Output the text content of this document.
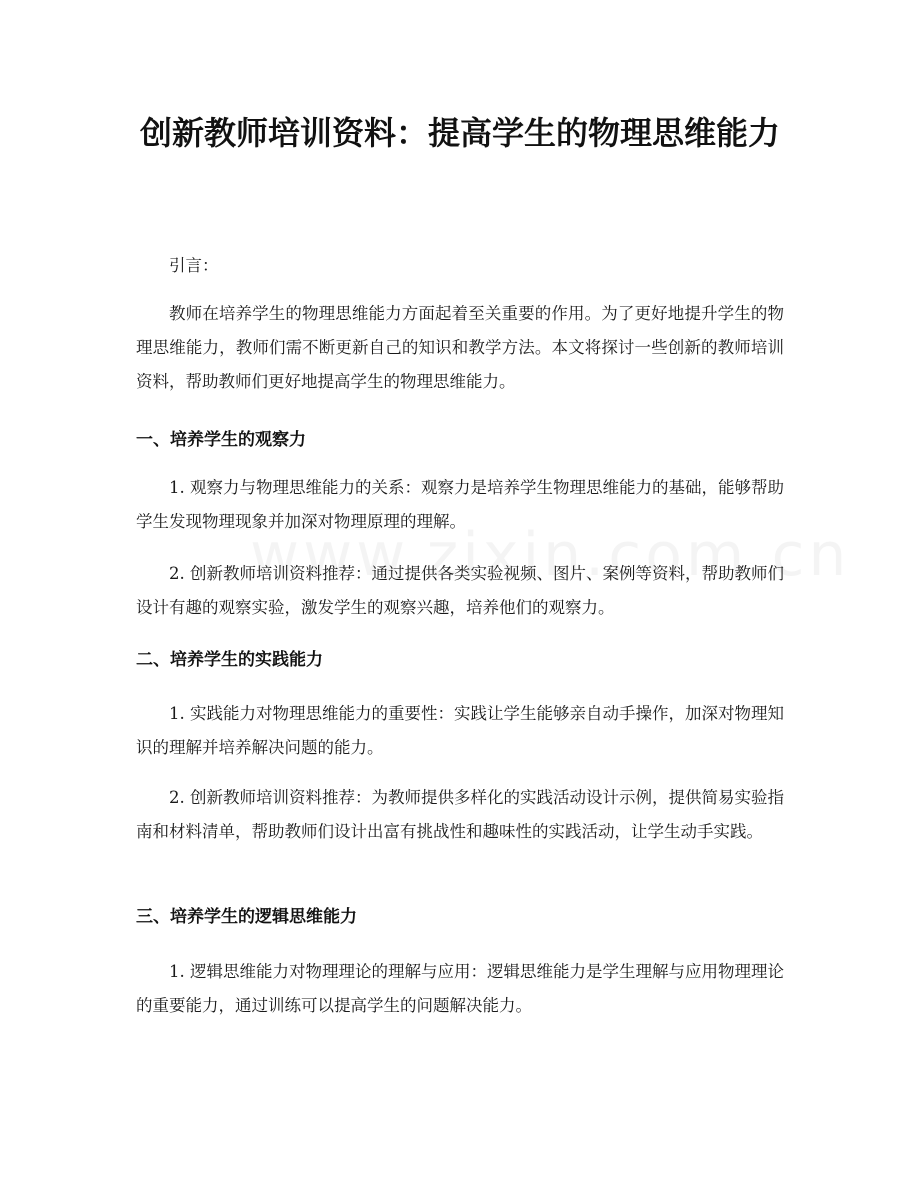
创新教师培训资料：提高学生的物理思维能力

引言：

教师在培养学生的物理思维能力方面起着至关重要的作用。为了更好地提升学生的物理思维能力，教师们需不断更新自己的知识和教学方法。本文将探讨一些创新的教师培训资料，帮助教师们更好地提高学生的物理思维能力。

一、培养学生的观察力

1. 观察力与物理思维能力的关系：观察力是培养学生物理思维能力的基础，能够帮助学生发现物理现象并加深对物理原理的理解。

2. 创新教师培训资料推荐：通过提供各类实验视频、图片、案例等资料，帮助教师们设计有趣的观察实验，激发学生的观察兴趣，培养他们的观察力。

二、培养学生的实践能力

1. 实践能力对物理思维能力的重要性：实践让学生能够亲自动手操作，加深对物理知识的理解并培养解决问题的能力。

2. 创新教师培训资料推荐：为教师提供多样化的实践活动设计示例，提供简易实验指南和材料清单，帮助教师们设计出富有挑战性和趣味性的实践活动，让学生动手实践。

三、培养学生的逻辑思维能力

1. 逻辑思维能力对物理理论的理解与应用：逻辑思维能力是学生理解与应用物理理论的重要能力，通过训练可以提高学生的问题解决能力。
